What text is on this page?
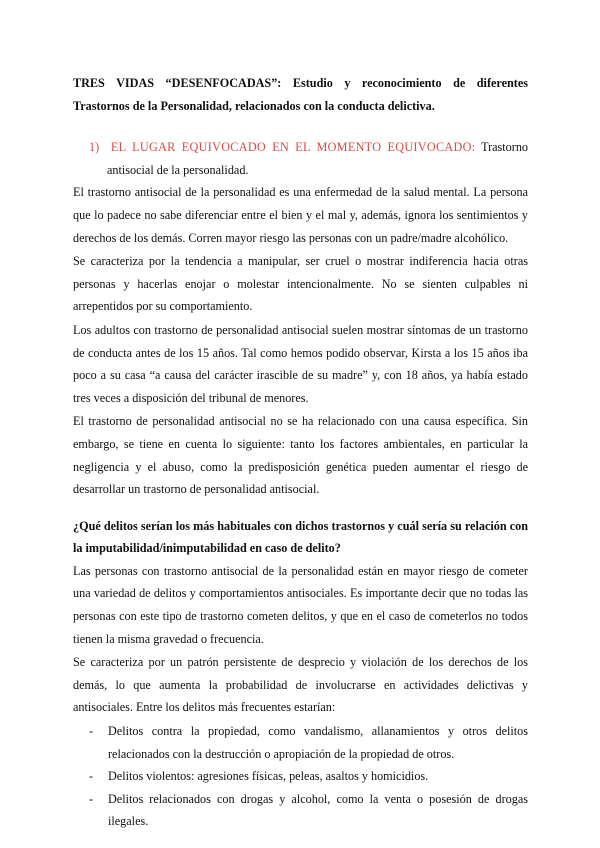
TRES VIDAS “DESENFOCADAS”: Estudio y reconocimiento de diferentes Trastornos de la Personalidad, relacionados con la conducta delictiva.

1) EL LUGAR EQUIVOCADO EN EL MOMENTO EQUIVOCADO: Trastorno antisocial de la personalidad.

El trastorno antisocial de la personalidad es una enfermedad de la salud mental. La persona que lo padece no sabe diferenciar entre el bien y el mal y, además, ignora los sentimientos y derechos de los demás. Corren mayor riesgo las personas con un padre/madre alcohólico.

Se caracteriza por la tendencia a manipular, ser cruel o mostrar indiferencia hacia otras personas y hacerlas enojar o molestar intencionalmente. No se sienten culpables ni arrepentidos por su comportamiento.

Los adultos con trastorno de personalidad antisocial suelen mostrar síntomas de un trastorno de conducta antes de los 15 años. Tal como hemos podido observar, Kirsta a los 15 años iba poco a su casa “a causa del carácter irascible de su madre” y, con 18 años, ya había estado tres veces a disposición del tribunal de menores.

El trastorno de personalidad antisocial no se ha relacionado con una causa específica. Sin embargo, se tiene en cuenta lo siguiente: tanto los factores ambientales, en particular la negligencia y el abuso, como la predisposición genética pueden aumentar el riesgo de desarrollar un trastorno de personalidad antisocial.

¿Qué delitos serían los más habituales con dichos trastornos y cuál sería su relación con la imputabilidad/inimputabilidad en caso de delito?

Las personas con trastorno antisocial de la personalidad están en mayor riesgo de cometer una variedad de delitos y comportamientos antisociales. Es importante decir que no todas las personas con este tipo de trastorno cometen delitos, y que en el caso de cometerlos no todos tienen la misma gravedad o frecuencia.

Se caracteriza por un patrón persistente de desprecio y violación de los derechos de los demás, lo que aumenta la probabilidad de involucrarse en actividades delictivas y antisociales. Entre los delitos más frecuentes estarían:

- Delitos contra la propiedad, como vandalismo, allanamientos y otros delitos relacionados con la destrucción o apropiación de la propiedad de otros.
- Delitos violentos: agresiones físicas, peleas, asaltos y homicidios.
- Delitos relacionados con drogas y alcohol, como la venta o posesión de drogas ilegales.
